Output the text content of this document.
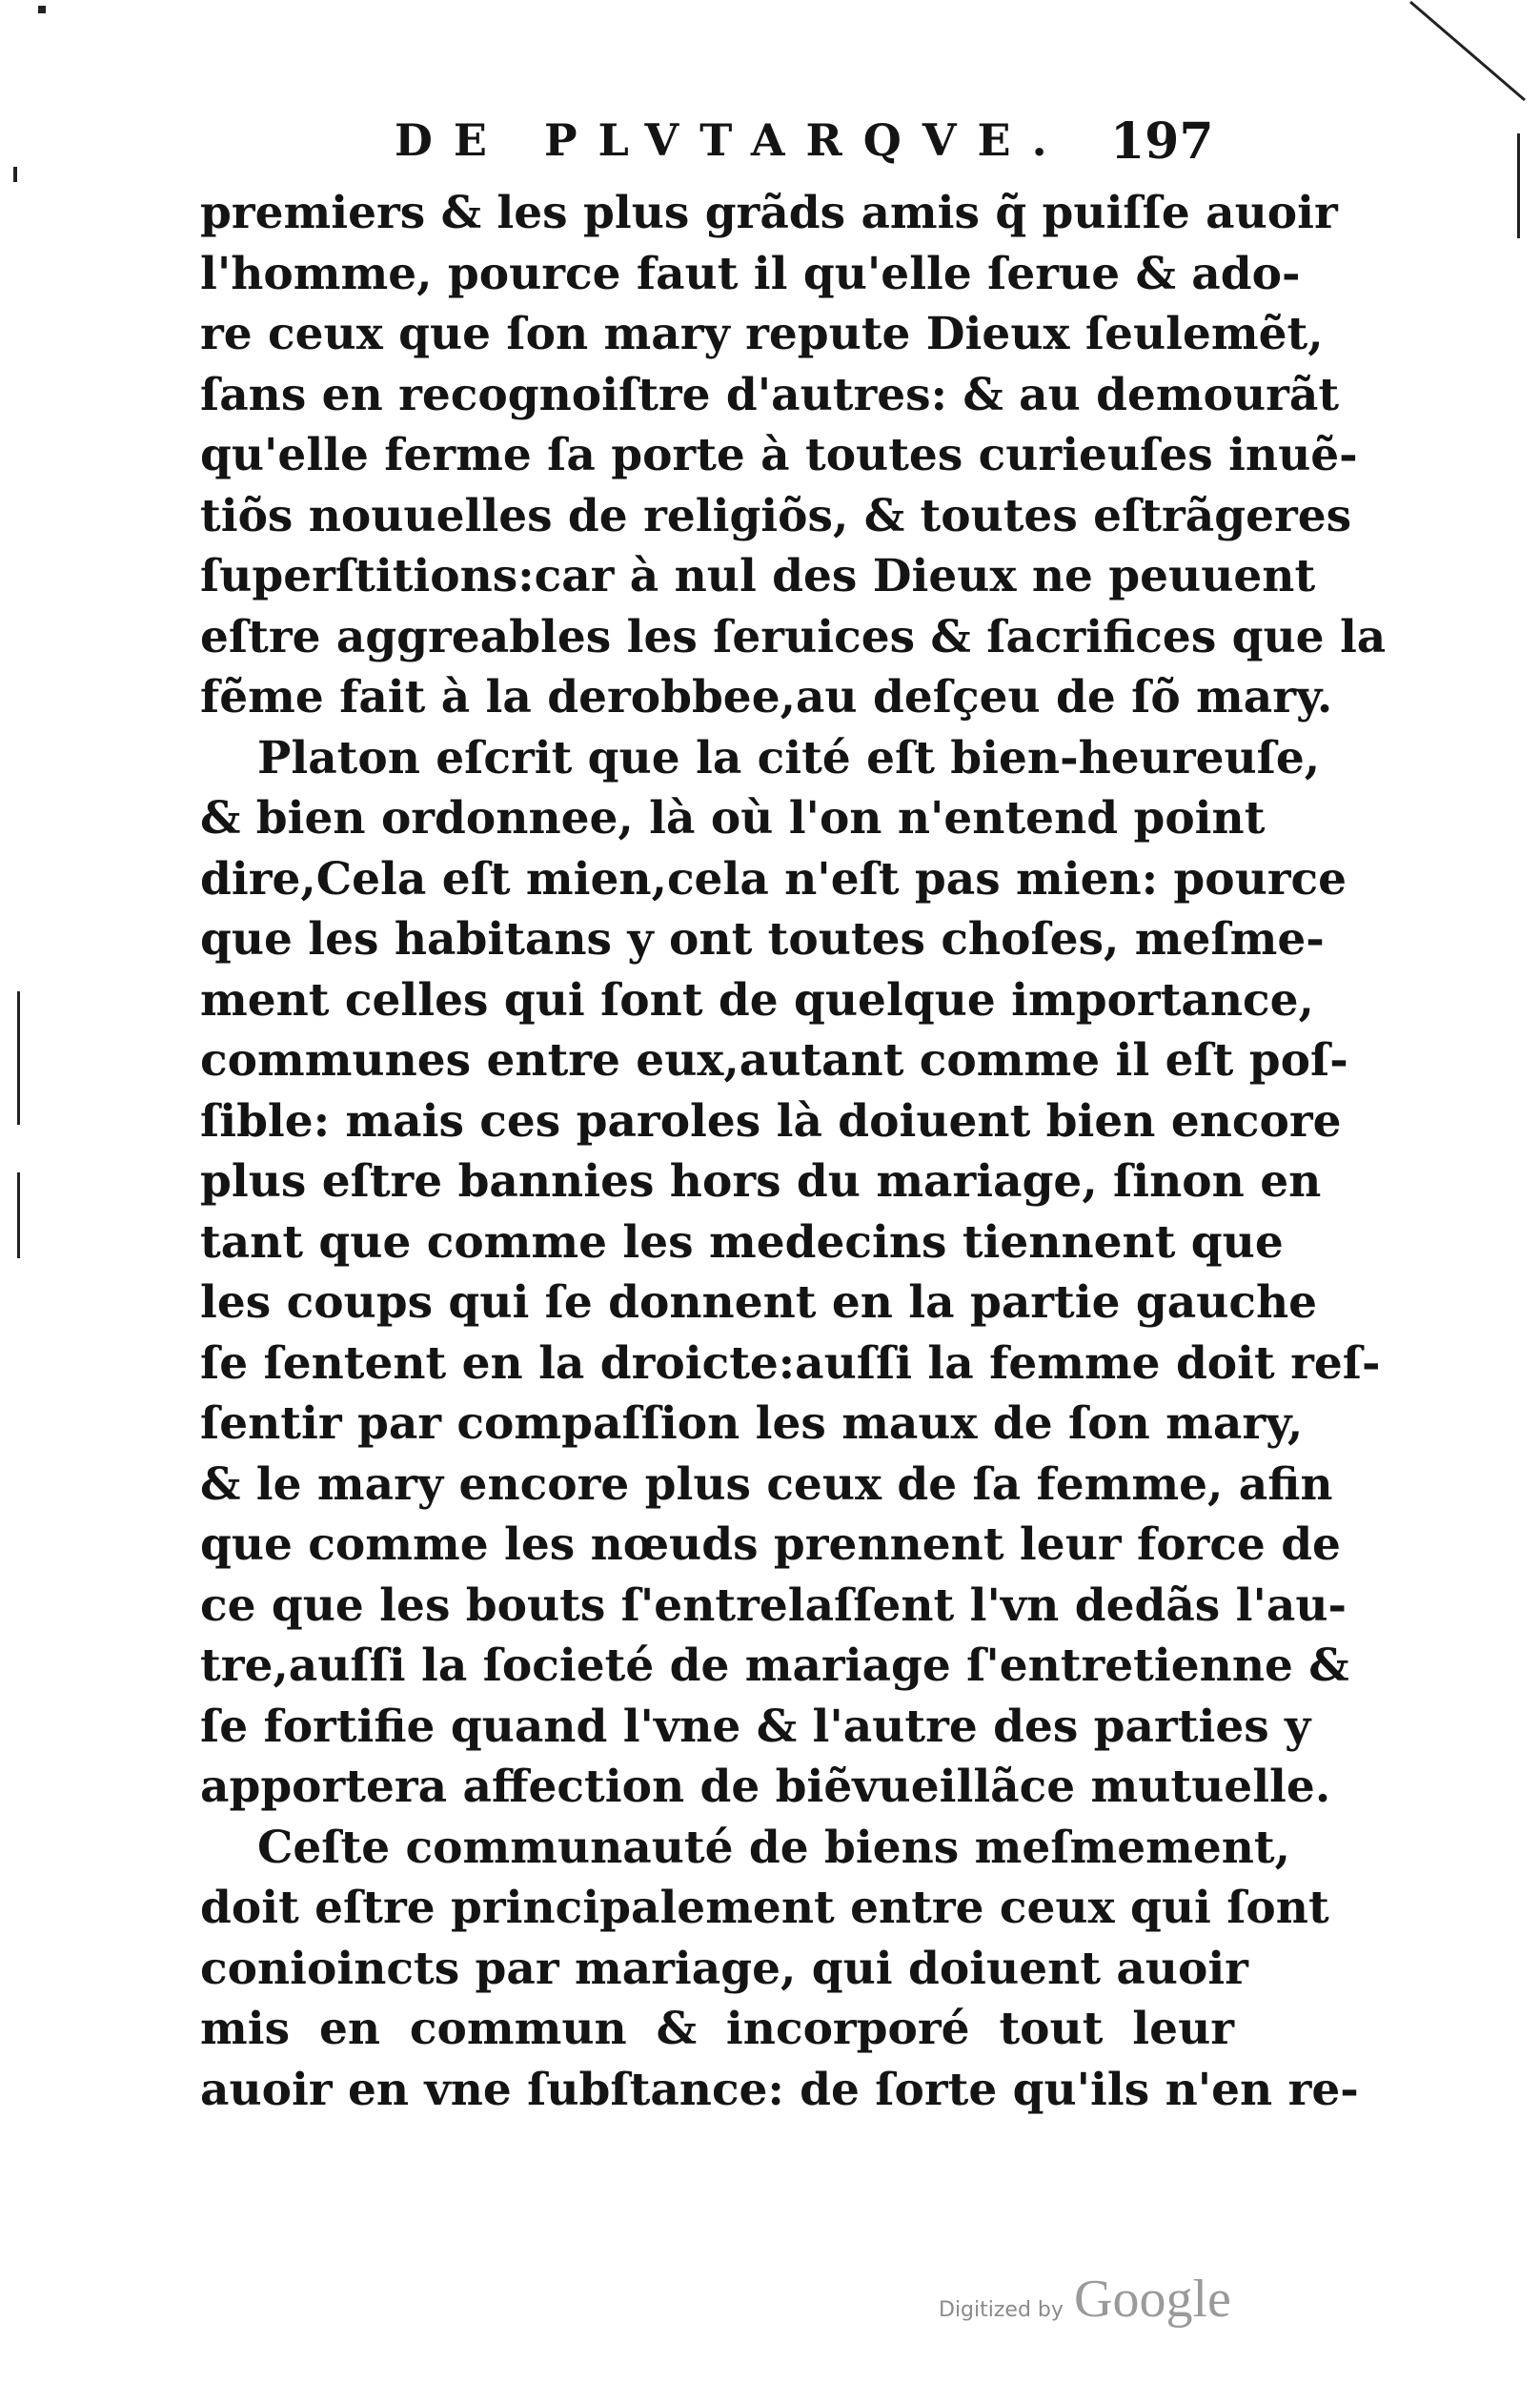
DE PLVTARQVE. 197
premiers & les plus grãds amis q̃ puiſſe auoir
l'homme, pource faut il qu'elle ſerue & ado-
re ceux que ſon mary repute Dieux ſeulemẽt,
ſans en recognoiſtre d'autres: & au demourãt
qu'elle ferme ſa porte à toutes curieuſes inuẽ-
tiõs nouuelles de religiõs, & toutes eſtrãgeres
ſuperſtitions:car à nul des Dieux ne peuuent
eſtre aggreables les ſeruices & ſacrifices que la
fẽme fait à la derobbee,au deſçeu de ſõ mary.
Platon eſcrit que la cité eſt bien-heureuſe,
& bien ordonnee, là où l'on n'entend point
dire,Cela eſt mien,cela n'eſt pas mien: pource
que les habitans y ont toutes choſes, meſme-
ment celles qui ſont de quelque importance,
communes entre eux,autant comme il eſt poſ-
ſible: mais ces paroles là doiuent bien encore
plus eſtre bannies hors du mariage, ſinon en
tant que comme les medecins tiennent que
les coups qui ſe donnent en la partie gauche
ſe ſentent en la droicte:auſſi la femme doit reſ-
ſentir par compaſſion les maux de ſon mary,
& le mary encore plus ceux de ſa femme, afin
que comme les nœuds prennent leur force de
ce que les bouts ſ'entrelaſſent l'vn dedãs l'au-
tre,auſſi la ſocieté de mariage ſ'entretienne &
ſe fortifie quand l'vne & l'autre des parties y
apportera affection de biẽvueillãce mutuelle.
Ceſte communauté de biens meſmement,
doit eſtre principalement entre ceux qui ſont
conioincts par mariage, qui doiuent auoir
mis en commun & incorporé tout leur
auoir en vne ſubſtance: de ſorte qu'ils n'en re-
Digitized by Google
